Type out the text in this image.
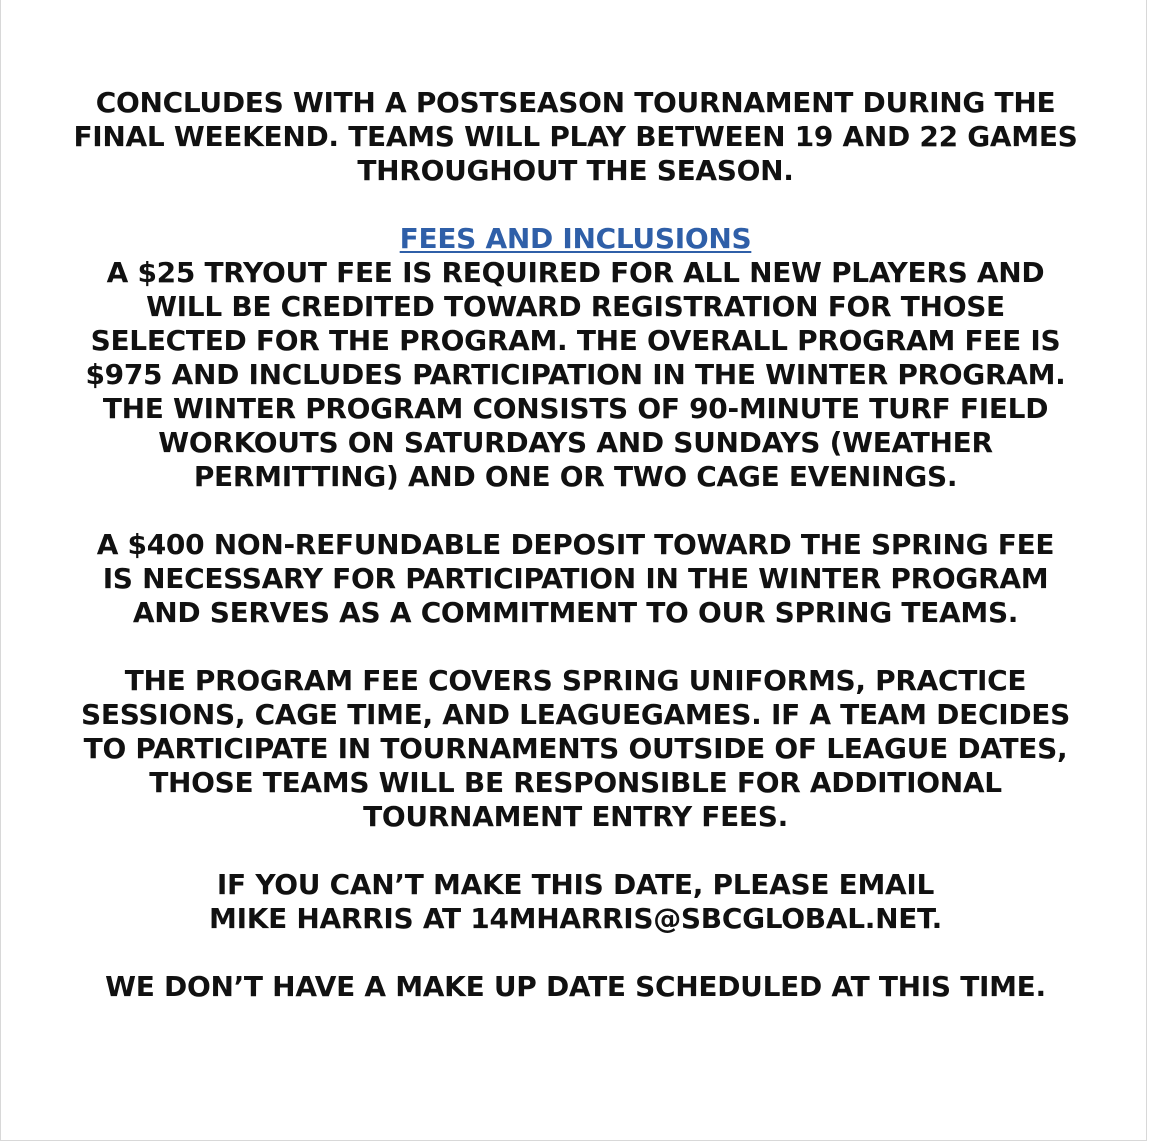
CONCLUDES WITH A POSTSEASON TOURNAMENT DURING THE
FINAL WEEKEND. TEAMS WILL PLAY BETWEEN 19 AND 22 GAMES
THROUGHOUT THE SEASON.
FEES AND INCLUSIONS
A $25 TRYOUT FEE IS REQUIRED FOR ALL NEW PLAYERS AND
WILL BE CREDITED TOWARD REGISTRATION FOR THOSE
SELECTED FOR THE PROGRAM. THE OVERALL PROGRAM FEE IS
$975 AND INCLUDES PARTICIPATION IN THE WINTER PROGRAM.
THE WINTER PROGRAM CONSISTS OF 90-MINUTE TURF FIELD
WORKOUTS ON SATURDAYS AND SUNDAYS (WEATHER
PERMITTING) AND ONE OR TWO CAGE EVENINGS.
A $400 NON-REFUNDABLE DEPOSIT TOWARD THE SPRING FEE
IS NECESSARY FOR PARTICIPATION IN THE WINTER PROGRAM
AND SERVES AS A COMMITMENT TO OUR SPRING TEAMS.
THE PROGRAM FEE COVERS SPRING UNIFORMS, PRACTICE
SESSIONS, CAGE TIME, AND LEAGUEGAMES. IF A TEAM DECIDES
TO PARTICIPATE IN TOURNAMENTS OUTSIDE OF LEAGUE DATES,
THOSE TEAMS WILL BE RESPONSIBLE FOR ADDITIONAL
TOURNAMENT ENTRY FEES.
IF YOU CAN’T MAKE THIS DATE, PLEASE EMAIL
MIKE HARRIS AT 14MHARRIS@SBCGLOBAL.NET.
WE DON’T HAVE A MAKE UP DATE SCHEDULED AT THIS TIME.
